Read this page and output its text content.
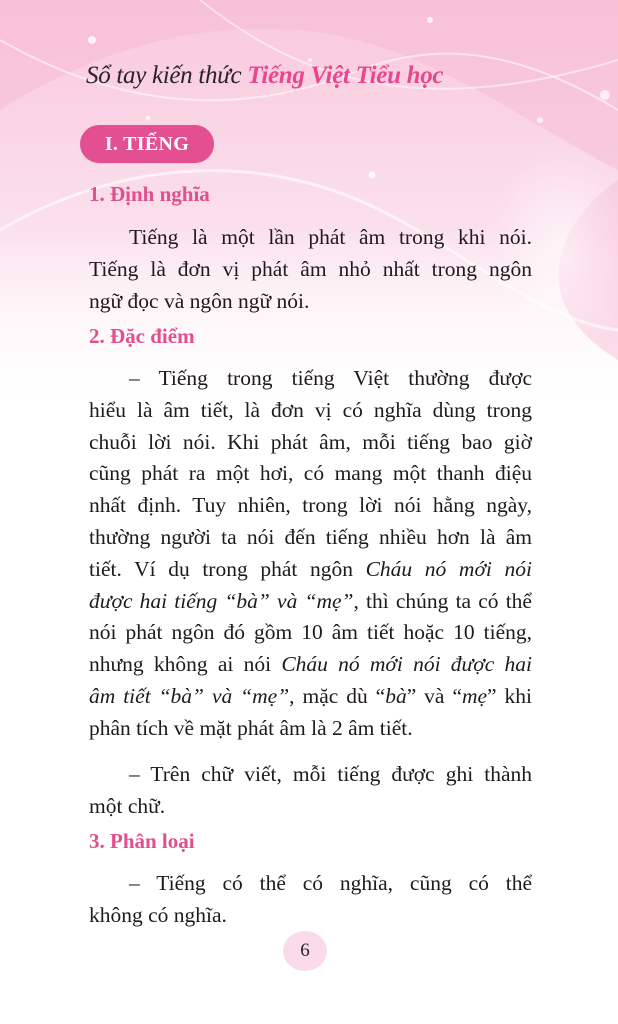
Sổ tay kiến thức Tiếng Việt Tiểu học
I. TIẾNG
1. Định nghĩa
Tiếng là một lần phát âm trong khi nói.
Tiếng là đơn vị phát âm nhỏ nhất trong ngôn
ngữ đọc và ngôn ngữ nói.
2. Đặc điểm
– Tiếng trong tiếng Việt thường được
hiểu là âm tiết, là đơn vị có nghĩa dùng trong
chuỗi lời nói. Khi phát âm, mỗi tiếng bao giờ
cũng phát ra một hơi, có mang một thanh điệu
nhất định. Tuy nhiên, trong lời nói hằng ngày,
thường người ta nói đến tiếng nhiều hơn là âm
tiết. Ví dụ trong phát ngôn Cháu nó mới nói
được hai tiếng “bà” và “mẹ”, thì chúng ta có thể
nói phát ngôn đó gồm 10 âm tiết hoặc 10 tiếng,
nhưng không ai nói Cháu nó mới nói được hai
âm tiết “bà” và “mẹ”, mặc dù “bà” và “mẹ” khi
phân tích về mặt phát âm là 2 âm tiết.
– Trên chữ viết, mỗi tiếng được ghi thành
một chữ.
3. Phân loại
– Tiếng có thể có nghĩa, cũng có thể
không có nghĩa.
6
